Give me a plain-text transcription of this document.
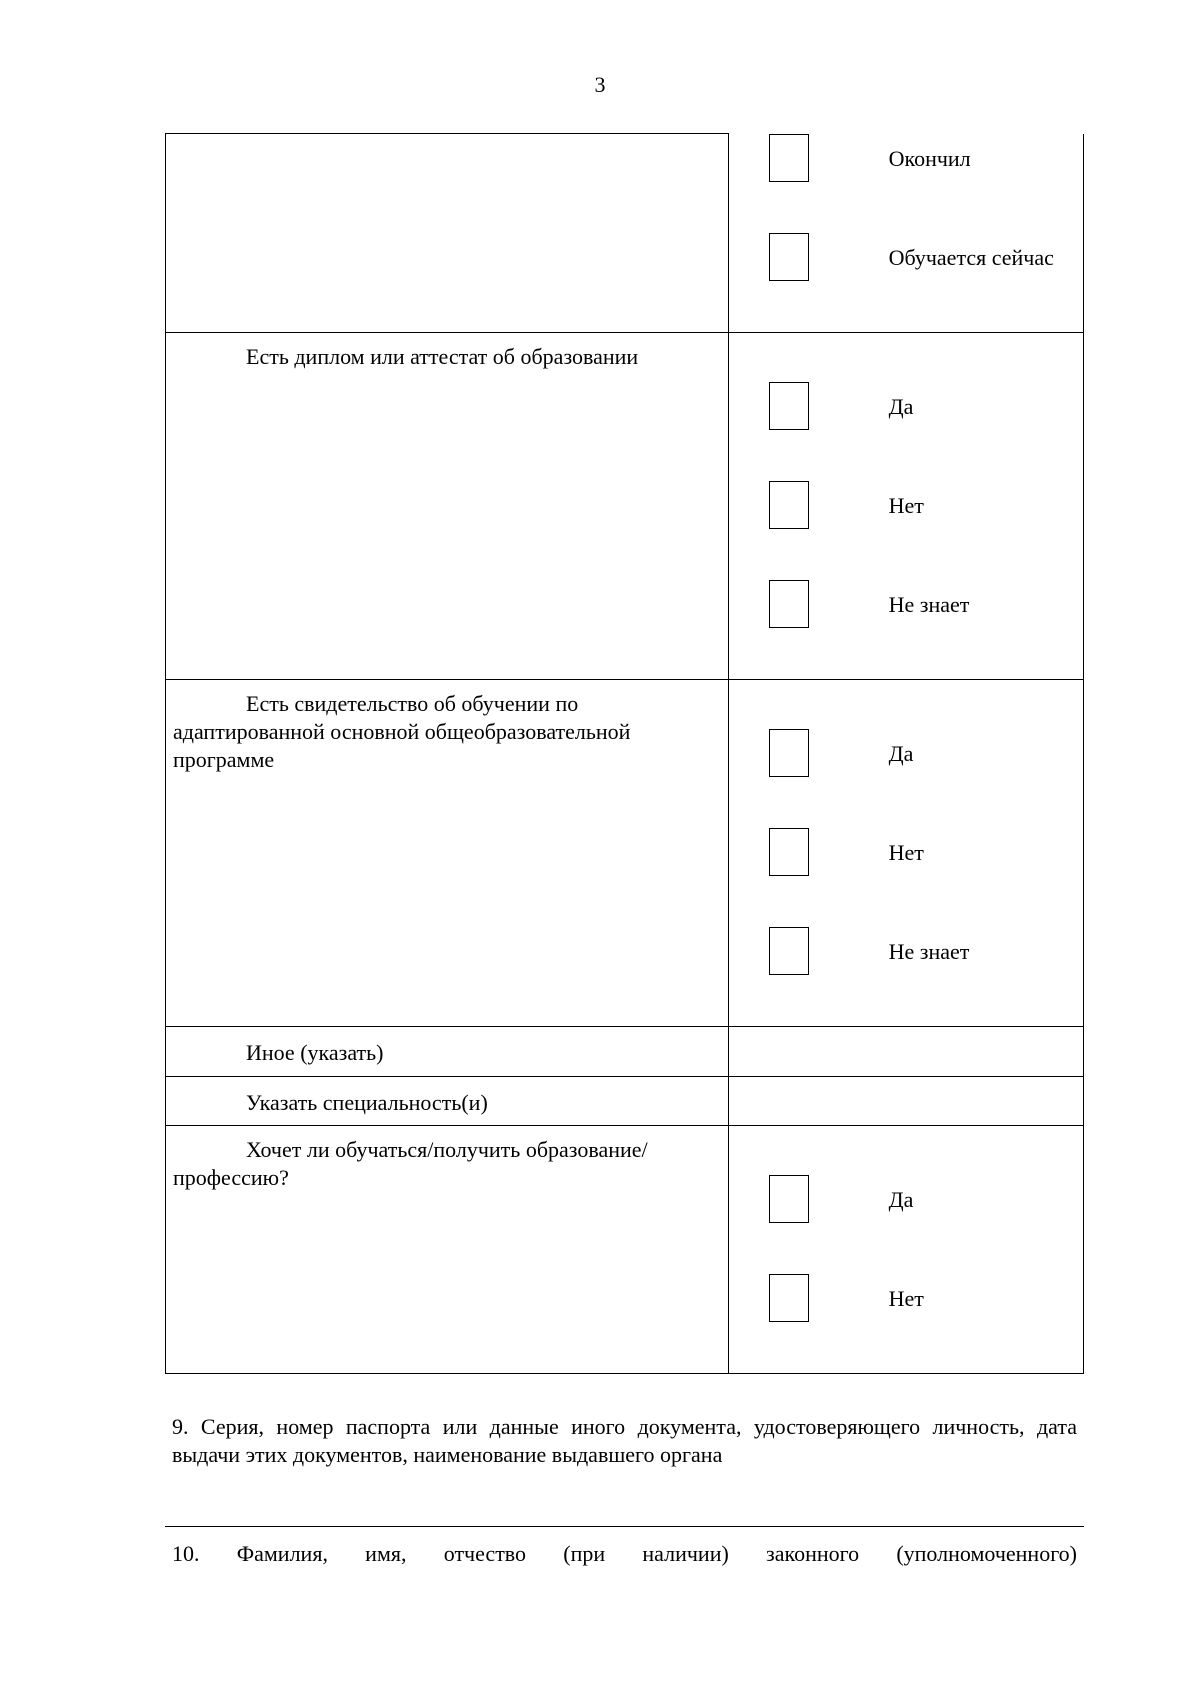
3

	Окончил
Обучается сейчас

Есть диплом или аттестат об образовании	Да
Нет
Не знает

Есть свидетельство об обучении по адаптированной основной общеобразовательной программе	Да
Нет
Не знает

Иное (указать)	

Указать специальность(и)	

Хочет ли обучаться/получить образование/профессию?	Да
Нет
9. Серия, номер паспорта или данные иного документа, удостоверяющего личность, дата выдачи этих документов, наименование выдавшего органа
10. Фамилия, имя, отчество (при наличии) законного (уполномоченного)
